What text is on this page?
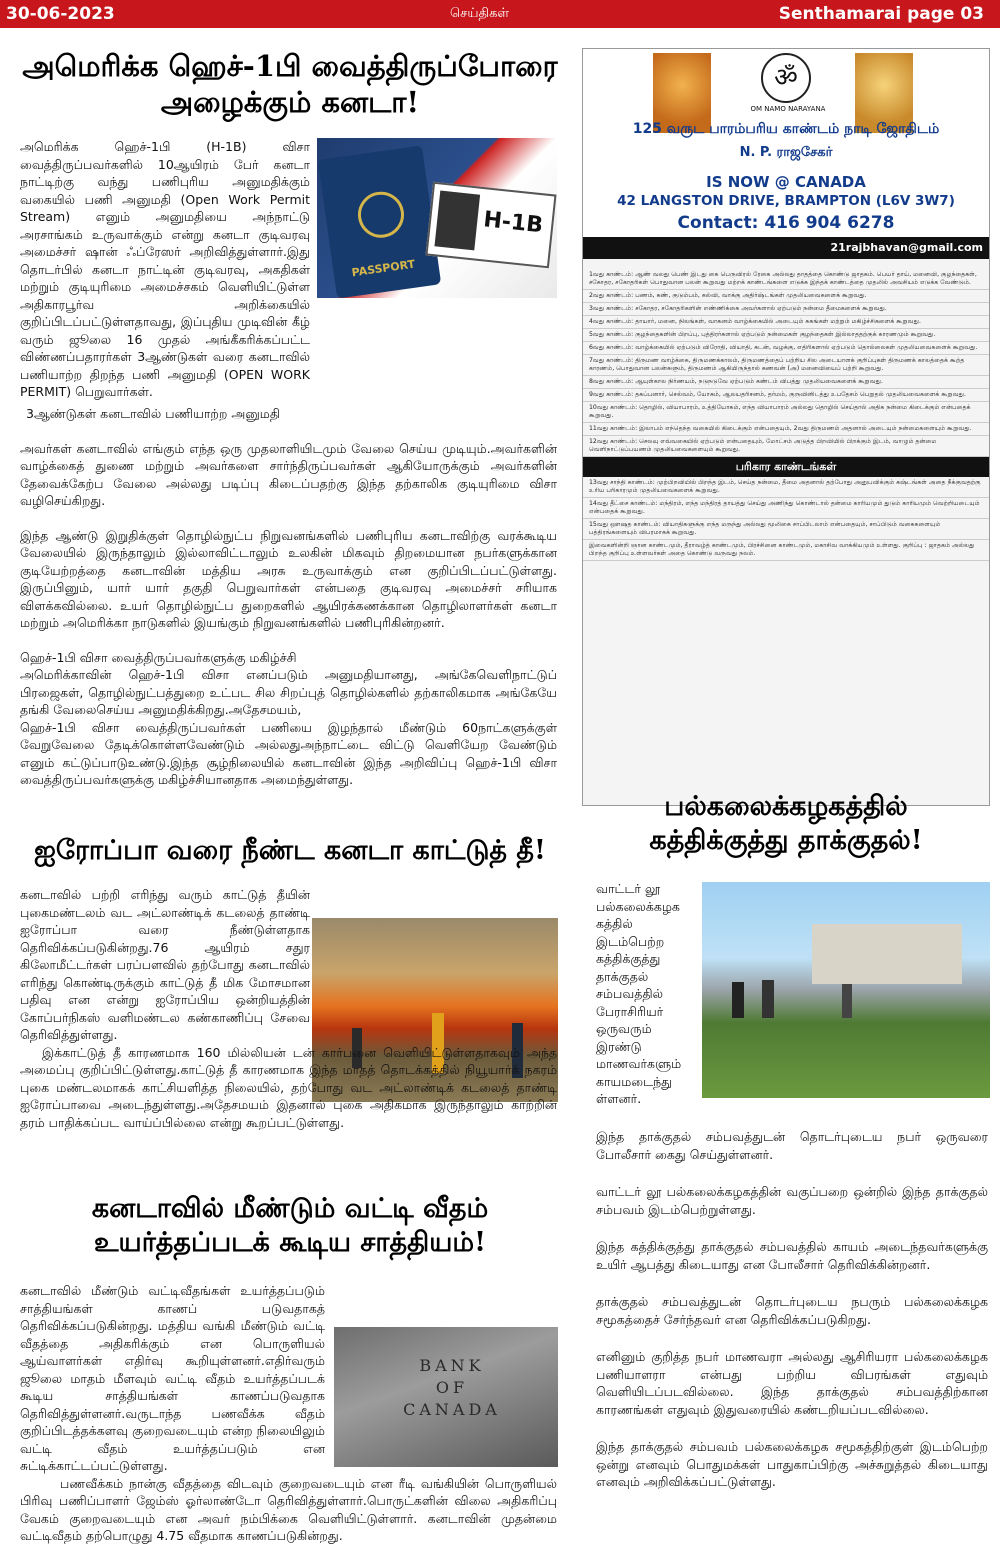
30-06-2023	செய்திகள்	Senthamarai page 03
அமெரிக்க ஹெச்-1பி வைத்திருப்போரை
அழைக்கும் கனடா!
PASSPORT
H-1B

அமெரிக்க ஹெச்-1பி (H-1B) விசா வைத்திருப்பவர்களில் 10ஆயிரம் பேர் கனடா நாட்டிற்கு வந்து பணிபுரிய அனுமதிக்கும் வகையில் பணி அனுமதி (Open Work Permit Stream) எனும் அனுமதியை அந்நாட்டு அரசாங்கம் உருவாக்கும் என்று கனடா குடிவரவு அமைச்சர் ஷான் ஃப்ரேஸர் அறிவித்துள்ளார்.இது தொடர்பில் கனடா நாட்டின் குடிவரவு, அகதிகள் மற்றும் குடியுரிமை அமைச்சகம் வெளியிட்டுள்ள அதிகாரபூர்வ அறிக்கையில் குறிப்பிடப்பட்டுள்ளதாவது, இப்புதிய முடிவின் கீழ் வரும் ஜூலை 16 முதல் அங்கீகரிக்கப்பட்ட விண்ணப்பதாரர்கள் 3ஆண்டுகள் வரை கனடாவில் பணியாற்ற திறந்த பணி அனுமதி (OPEN WORK PERMIT) பெறுவார்கள்.

3ஆண்டுகள் கனடாவில் பணியாற்ற அனுமதி

அவர்கள் கனடாவில் எங்கும் எந்த ஒரு முதலாளியிடமும் வேலை செய்ய முடியும்.அவர்களின் வாழ்க்கைத் துணை மற்றும் அவர்களை சார்ந்திருப்பவர்கள் ஆகியோருக்கும் அவர்களின் தேவைக்கேற்ப வேலை அல்லது படிப்பு கிடைப்பதற்கு இந்த தற்காலிக குடியுரிமை விசா வழிசெய்கிறது.

இந்த ஆண்டு இறுதிக்குள் தொழில்நுட்ப நிறுவனங்களில் பணிபுரிய கனடாவிற்கு வரக்கூடிய வேலையில் இருந்தாலும் இல்லாவிட்டாலும் உலகின் மிகவும் திறமையான நபர்களுக்கான குடியேற்றத்தை கனடாவின் மத்திய அரசு உருவாக்கும் என குறிப்பிடப்பட்டுள்ளது. இருப்பினும், யார் யார் தகுதி பெறுவார்கள் என்பதை குடிவரவு அமைச்சர் சரியாக விளக்கவில்லை. உயர் தொழில்நுட்ப துறைகளில் ஆயிரக்கணக்கான தொழிலாளர்கள் கனடா மற்றும் அமெரிக்கா நாடுகளில் இயங்கும் நிறுவனங்களில் பணிபுரிகின்றனர்.

ஹெச்-1பி விசா வைத்திருப்பவர்களுக்கு மகிழ்ச்சி
அமெரிக்காவின் ஹெச்-1பி விசா எனப்படும் அனுமதியானது, அங்கேவெளிநாட்டுப் பிரஜைகள், தொழில்நுட்பத்துறை உட்பட சில சிறப்புத் தொழில்களில் தற்காலிகமாக அங்கேயே தங்கி வேலைசெய்ய அனுமதிக்கிறது.அதேசமயம்,
ஹெச்-1பி விசா வைத்திருப்பவர்கள் பணியை இழந்தால் மீண்டும் 60நாட்களுக்குள் வேறுவேலை தேடிக்கொள்ளவேண்டும் அல்லதுஅந்நாட்டை விட்டு வெளியேற வேண்டும் எனும் கட்டுப்பாடுஉண்டு.இந்த சூழ்நிலையில் கனடாவின் இந்த அறிவிப்பு ஹெச்-1பி விசா வைத்திருப்பவர்களுக்கு மகிழ்ச்சியானதாக அமைந்துள்ளது.

ॐ
OM NAMO NARAYANA
125 வருட பாரம்பரிய காண்டம் நாடி ஜோதிடம்
N. P. ராஜசேகர்
IS NOW @ CANADA
42 LANGSTON DRIVE, BRAMPTON (L6V 3W7)
Contact: 416 904 6278
21rajbhavan@gmail.com
1வது காண்டம்: ஆண் வலது பெண் இடது கை பெருவிரல் ரேகை அல்லது தாதத்தை கொண்டு ஜாதகம். பெயர் தாய், மனைவி, குழந்தைகள், சகோதர, சகோதரிகள் பொதுவான பலன் கூறுவது மற்றக் காண்டங்களை எடுக்க இந்தக் காண்டத்தை முதலில் அவசியம் எடுக்க வேண்டும்.
2வது காண்டம்: பணம், கண், குடும்பம், கல்வி, வாக்கு அதிர்ஷ்டங்கள் முதலியவைகளைக் கூறுவது.
3வது காண்டம்: சகோதர, சகோதரிகளின் எண்ணிக்கை அவர்களால் ஏற்படும் நன்மை தீமைகளைக் கூறுவது.
4வது காண்டம்: தாயார், மனை, நிலங்கள், வாகனம் வாழ்க்கையில் அடையும் சுகங்கள் மற்றும் மகிழ்ச்சிகளைக் கூறுவது.
5வது காண்டம்: குழந்தைகளின் பிறப்பு, புத்திரர்களால் ஏற்படும் நன்மைகள் குழந்தைகள் இல்லாததற்குக் காரணமும் கூறுவது.
6வது காண்டம்: வாழ்க்கையில் ஏற்படும் விரோதி, வியாதி, கடன், வழக்கு, எதிரிகளால் ஏற்படும் தொல்லைகள் முதலியவைகளைக் கூறுவது.
7வது காண்டம்: திருமண வாழ்க்கை, திருமணக்காலம், திருமணத்தைப் பற்றிய சில அடையாளக் குறிப்புகள் திருமணக் காலத்தைக் கூற்த காரணம், பொதுவான பலன்களும், திருமணம் ஆகியிருந்தால் கணவன் (அ) மனைவியைப் பற்றி கூறுவது.
8வது காண்டம்: ஆயுள்கால நிர்ணயம், நடுநடுவே ஏற்படும் கண்டம் விபத்து முதலியவைகளைக் கூறுவது.
9வது காண்டம்: தகப்பனார், செல்வம், யோகம், ஆலயதரிசனம், தர்மம், குருவினிடத்து உபதேசம் பெறுதல் முதலியவைகளைக் கூறுவது.
10வது காண்டம்: தொழில், வியாபாரம், உத்தியோகம், எந்த வியாபாரம் அல்லது தொழில் செய்தால் அதிக நன்மை கிடைக்கும் என்பதைக் கூறுவது.
11வது காண்டம்: இலாபம் எந்தெந்த வகையில் கிடைக்கும் என்பதையும், 2வது திருமணம் அதனால் அடையும் நன்மைகளையும் கூறுவது.
12வது காண்டம்: செலவு எவ்வகையில் ஏற்படும் என்பதையும், மோட்சம் அடுத்த பிறவியில் பிறக்கும் இடம், வாழும் தன்மை வெளிநாட்டுப்பயணம் முதலியவைகளையும் கூறுவது.
பரிகார காண்டங்கள்
13வது சாந்தி காண்டம்: முற்பிறவியில் பிறந்த இடம், செய்த நன்மை, தீமை அதனால் தற்போது அனுபவிக்கும் கஷ்டங்கள் அதை நீக்குவதற்கு உரிய பரிகாரமும் முதலியவைகளைக் கூறுவது.
14வது தீட்சை காண்டம்: மந்திரம், எந்த மந்திரத் தாயத்து செய்து அணிந்து கொண்டால் தன்மை காரியமும் துடும் காரியமும் வெற்றியடையும் என்பதைக் கூறுவது.
15வது ஔஷத காண்டம்: வியாதிகளுக்கு எந்த மருந்து அல்லது மூலிகை சாப்பிடலாம் என்பதையும், சாப்பிடும் வகைகளையும் பத்திரங்களையும் விபரமாகக் கூறுவது.
இவைகளின்றி ஞான காண்டமும், தீராவழ்த் காண்டமும், பிரச்சினை காண்டமும், மகாசிவ வாக்கியமும் உள்ளது. குறிப்பு : ஜாதகம் அல்லது பிறந்த குறிப்பு உள்ளவர்கள் அதை கொண்டு வருவது நலம்.
ஐரோப்பா வரை நீண்ட கனடா காட்டுத் தீ!

கனடாவில் பற்றி எரிந்து வரும் காட்டுத் தீயின் புகைமண்டலம் வட அட்லாண்டிக் கடலைத் தாண்டி ஐரோப்பா வரை நீண்டுள்ளதாக தெரிவிக்கப்படுகின்றது.76 ஆயிரம் சதுர கிலோமீட்டர்கள் பரப்பளவில் தற்போது கனடாவில் எரிந்து கொண்டிருக்கும் காட்டுத் தீ மிக மோசமான பதிவு என என்று ஐரோப்பிய ஒன்றியத்தின் கோப்பர்நிகஸ் வளிமண்டல கண்காணிப்பு சேவை தெரிவித்துள்ளது.

இக்காட்டுத் தீ காரணமாக 160 மில்லியன் டன் கார்பனை வெளியிட்டுள்ளதாகவும் அந்த அமைப்பு குறிப்பிட்டுள்ளது.காட்டுத் தீ காரணமாக இந்த மாதத் தொடக்கத்தில் நியூயார்க் நகரம் புகை மண்டலமாகக் காட்சியளித்த நிலையில், தற்போது வட அட்லாண்டிக் கடலைத் தாண்டி ஐரோப்பாவை அடைந்துள்ளது.அதேசமயம் இதனால் புகை அதிகமாக இருந்தாலும் காற்றின் தரம் பாதிக்கப்பட வாய்ப்பில்லை என்று கூறப்பட்டுள்ளது.

கனடாவில் மீண்டும் வட்டி வீதம்
உயர்த்தப்படக் கூடிய சாத்தியம்!
BANK
OF
CANADA

கனடாவில் மீண்டும் வட்டிவீதங்கள் உயர்த்தப்படும் சாத்தியங்கள் காணப் படுவதாகத் தெரிவிக்கப்படுகின்றது. மத்திய வங்கி மீண்டும் வட்டி வீதத்தை அதிகரிக்கும் என பொருளியல் ஆய்வாளர்கள் எதிர்வு கூறியுள்ளனர்.எதிர்வரும் ஜூலை மாதம் மீளவும் வட்டி வீதம் உயர்த்தப்படக் கூடிய சாத்தியங்கள் காணப்படுவதாக தெரிவித்துள்ளனர்.வருடாந்த பணவீக்க வீதம் குறிப்பிடத்தக்களவு குறைவடையும் என்ற நிலையிலும் வட்டி வீதம் உயர்த்தப்படும் என சுட்டிக்காட்டப்பட்டுள்ளது.

பணவீக்கம் நான்கு வீதத்தை விடவும் குறைவடையும் என ரீடி வங்கியின் பொருளியல் பிரிவு பணிப்பாளர் ஜேம்ஸ் ஓர்லாண்டோ தெரிவித்துள்ளார்.பொருட்களின் விலை அதிகரிப்பு வேகம் குறைவடையும் என அவர் நம்பிக்கை வெளியிட்டுள்ளார். கனடாவின் முதன்மை வட்டிவீதம் தற்பொழுது 4.75 வீதமாக காணப்படுகின்றது.

பல்கலைக்கழகத்தில்
கத்திக்குத்து தாக்குதல்!

வாட்டர் லூ பல்கலைக்கழக கத்தில் இடம்பெற்ற கத்திக்குத்து தாக்குதல் சம்பவத்தில் பேராசிரியர் ஒருவரும் இரண்டு மாணவர்களும் காயமடைந்து ள்ளனர்.

இந்த தாக்குதல் சம்பவத்துடன் தொடர்புடைய நபர் ஒருவரை போலீசார் கைது செய்துள்ளனர்.

வாட்டர் லூ பல்கலைக்கழகத்தின் வகுப்பறை ஒன்றில் இந்த தாக்குதல் சம்பவம் இடம்பெற்றுள்ளது.

இந்த கத்திக்குத்து தாக்குதல் சம்பவத்தில் காயம் அடைந்தவர்களுக்கு உயிர் ஆபத்து கிடையாது என போலீசார் தெரிவிக்கின்றனர்.

தாக்குதல் சம்பவத்துடன் தொடர்புடைய நபரும் பல்கலைக்கழக சமூகத்தைச் சேர்ந்தவர் என தெரிவிக்கப்படுகிறது.

எனினும் குறித்த நபர் மாணவரா அல்லது ஆசிரியரா பல்கலைக்கழக பணியாளரா என்பது பற்றிய விபரங்கள் எதுவும் வெளியிடப்படவில்லை. இந்த தாக்குதல் சம்பவத்திற்கான காரணங்கள் எதுவும் இதுவரையில் கண்டறியப்படவில்லை.

இந்த தாக்குதல் சம்பவம் பல்கலைக்கழக சமூகத்திற்குள் இடம்பெற்ற ஒன்று எனவும் பொதுமக்கள் பாதுகாப்பிற்கு அச்சுறுத்தல் கிடையாது எனவும் அறிவிக்கப்பட்டுள்ளது.
